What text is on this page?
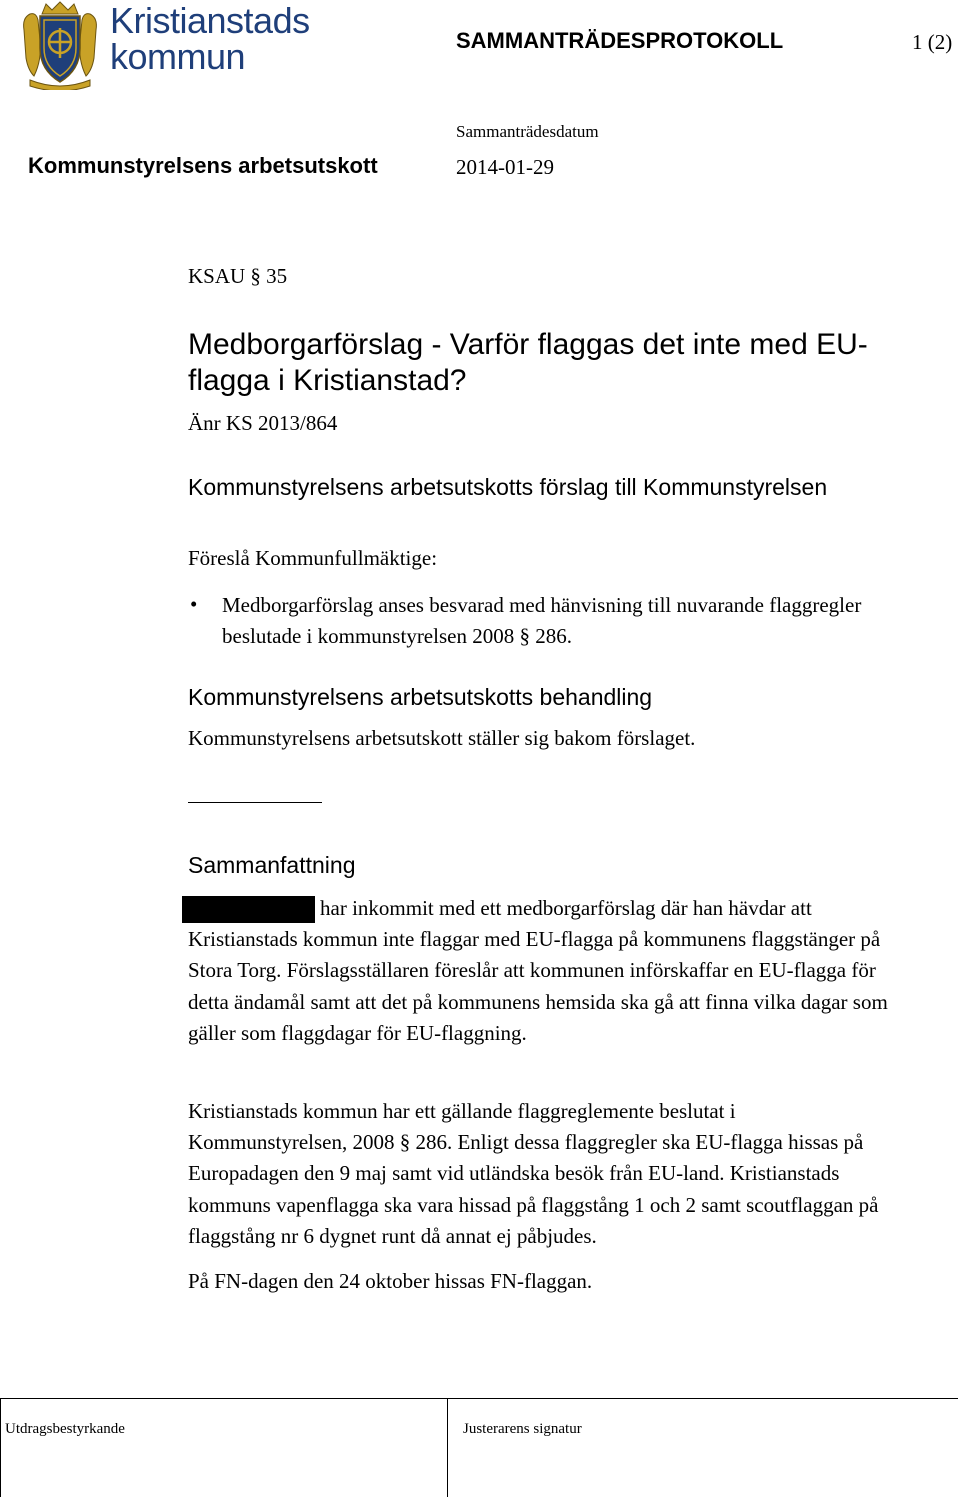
Kristianstads
kommun	SAMMANTRÄDESPROTOKOLL	1 (2)
Sammanträdesdatum
Kommunstyrelsens arbetsutskott	2014-01-29
KSAU § 35
Medborgarförslag - Varför flaggas det inte med EU-flagga i Kristianstad?
Änr KS 2013/864
Kommunstyrelsens arbetsutskotts förslag till Kommunstyrelsen
Föreslå Kommunfullmäktige:
• Medborgarförslag anses besvarad med hänvisning till nuvarande flaggregler beslutade i kommunstyrelsen 2008 § 286.
Kommunstyrelsens arbetsutskotts behandling
Kommunstyrelsens arbetsutskott ställer sig bakom förslaget.
Sammanfattning
har inkommit med ett medborgarförslag där han hävdar att Kristianstads kommun inte flaggar med EU-flagga på kommunens flaggstänger på Stora Torg. Förslagsställaren föreslår att kommunen införskaffar en EU-flagga för detta ändamål samt att det på kommunens hemsida ska gå att finna vilka dagar som gäller som flaggdagar för EU-flaggning.
Kristianstads kommun har ett gällande flaggreglemente beslutat i Kommunstyrelsen, 2008 § 286. Enligt dessa flaggregler ska EU-flagga hissas på Europadagen den 9 maj samt vid utländska besök från EU-land. Kristianstads kommuns vapenflagga ska vara hissad på flaggstång 1 och 2 samt scoutflaggan på flaggstång nr 6 dygnet runt då annat ej påbjudes.
På FN-dagen den 24 oktober hissas FN-flaggan.
Utdragsbestyrkande	Justerarens signatur
